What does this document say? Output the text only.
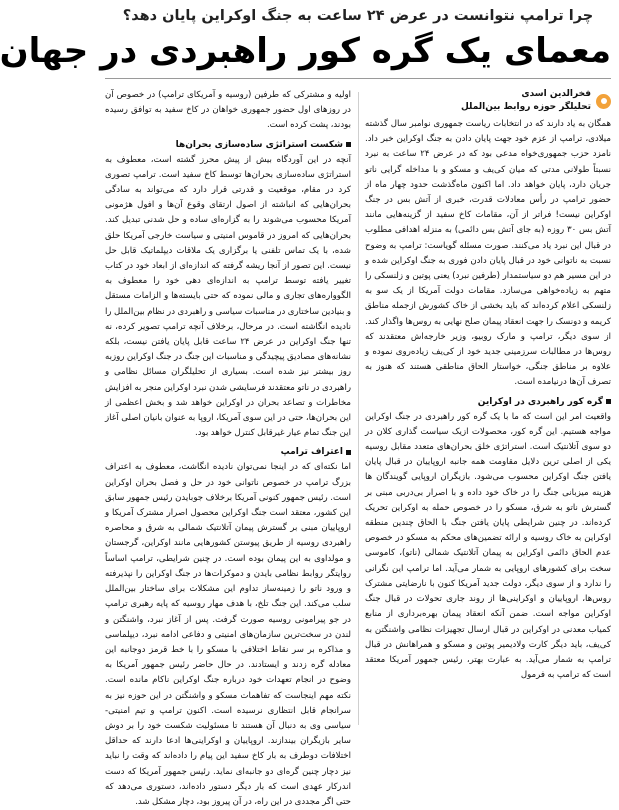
چرا ترامپ نتوانست در عرض ۲۴ ساعت به جنگ اوکراین پایان دهد؟
معمای یک گره کور راهبردی در جهان
فخرالدین اسدی
تحلیلگر حوزه روابط بین‌الملل

همگان به یاد دارند که در انتخابات ریاست جمهوری نوامبر سال گذشته میلادی، ترامپ از عزم خود جهت پایان دادن به جنگ اوکراین خبر داد. نامزد حزب جمهوری‌خواه مدعی بود که در عرض ۲۴ ساعت به نبرد نسبتاً طولانی مدتی که میان کی‌یف و مسکو و با مداخله گرایی ناتو جریان دارد، پایان خواهد داد. اما اکنون ماه‌گذشت حدود چهار ماه از حضور ترامپ در رأس معادلات قدرت، خبری از آتش بس در جنگ اوکراین نیست! فراتر از آن، مقامات کاخ سفید از گزینه‌هایی مانند آتش بس ۳۰ روزه (به جای آتش بس دائمی) به منزله اهدافی مطلوب در قبال این نبرد یاد می‌کنند. صورت مسئله گویاست: ترامپ به وضوح نسبت به ناتوانی خود در قبال پایان دادن فوری به جنگ اوکراین شده و در این مسیر هم دو سیاستمدار (طرفین نبرد) یعنی پوتین و زلنسکی را متهم به زیاده‌خواهی می‌سازد. مقامات دولت آمریکا از یک سو به زلنسکی اعلام کرده‌اند که باید بخشی از خاک کشورش ازجمله مناطق کریمه و دونسک را جهت انعقاد پیمان صلح نهایی به روس‌ها واگذار کند. از سوی دیگر، ترامپ و مارک روبیو، وزیر خارجه‌اش معتقدند که روس‌ها در مطالبات سرزمینی جدید خود از کی‌یف زیاده‌روی نموده و علاوه بر مناطق جنگی، خواستار الحاق مناطقی هستند که هنوز به تصرف آن‌ها درنیامده است.

گره کور راهبردی در اوکراین

واقعیت امر این است که ما با یک گره کور راهبردی در جنگ اوکراین مواجه هستیم. این گره کور، محصولات ازیک سیاست گذاری کلان در دو سوی آتلانتیک است. استراتژی خلق بحران‌های متعدد مقابل روسیه یکی از اصلی ترین دلایل مقاومت همه جانبه اروپاییان در قبال پایان یافتن جنگ اوکراین محسوب می‌شود. بازیگران اروپایی گویندگان ها هزینه میزبانی جنگ را در خاک خود داده و با اصرار بی‌دربی مبنی بر گسترش ناتو به شرق، مسکو را در خصوص حمله به اوکراین تحریک کرده‌اند. در چنین شرایطی پایان یافتن جنگ با الحاق چندین منطقه اوکراین به خاک روسیه و ارائه تضمین‌های محکم به مسکو در خصوص عدم الحاق دائمی اوکراین به پیمان آتلانتیک شمالی (ناتو)، کاموسی سخت برای کشورهای اروپایی به شمار می‌آید. اما ترامپ این نگرانی را ندارد و از سوی دیگر، دولت جدید آمریکا کنون با نارضایتی مشترک روس‌ها، اروپاییان و اوکراینی‌ها از روند جاری تحولات در قبال جنگ اوکراین مواجه است. ضمن آنکه انعقاد پیمان بهره‌برداری از منابع کمیاب معدنی در اوکراین در قبال ارسال تجهیزات نظامی واشنگتن به کی‌یف، باید دیگر کارت ولادیمیر پوتین و مسکو و همراهانش در قبال ترامپ به شمار می‌آید. به عبارت بهتر، رئیس جمهور آمریکا معتقد است که ترامپ به فرمول

اولیه و مشترکی که طرفین (روسیه و آمریکای ترامپ) در خصوص آن در روزهای اول حضور جمهوری خواهان در کاخ سفید به توافق رسیده بودند، پشت کرده است.

شکست استراتژی ساده‌سازی بحران‌ها

آنچه در این آوردگاه بیش از پیش محرز گشته است، معطوف به استراتژی ساده‌سازی بحران‌ها توسط کاخ سفید است. ترامپ تصوری کرد در مقام، موقعیت و قدرتی قرار دارد که می‌تواند به سادگی بحران‌هایی که انباشته از اصول ارتقای وقوع آن‌ها و افول هژمونی آمریکا محسوب می‌شوند را به گزاره‌ای ساده و حل شدنی تبدیل کند. بحران‌هایی که امروز در قاموس امنیتی و سیاست خارجی آمریکا حلق شده، با یک تماس تلفنی یا برگزاری یک ملاقات دیپلماتیک قابل حل نیست. این تصور از آنجا ریشه گرفته که اندازه‌ای از ابعاد خود در کتاب تغییر یافته توسط ترامپ به اندازه‌ای دهی خود را معطوف به الگوواره‌های تجاری و مالی نموده که حتی بایسته‌ها و الزامات مستقل و بنیادین ساختاری در مناسبات سیاسی و راهبردی در نظام بین‌الملل را نادیده انگاشته است. در مرحال، برخلاف آنچه ترامپ تصویر کرده، نه تنها جنگ اوکراین در عرض ۲۴ ساعت قابل پایان یافتن نیست، بلکه نشانه‌های مصادیق پیچیدگی و مناسبات این جنگ در جنگ اوکراین روزبه روز بیشتر نیز شده است. بسیاری از تحلیلگران مسائل نظامی و راهبردی در ناتو معتقدند فرسایشی شدن نبرد اوکراین منجر به افزایش مخاطرات و تصاعد بحران در اوکراین خواهد شد و بخش اعظمی از این بحران‌ها، حتی در این سوی آمریکا، اروپا به عنوان بانیان اصلی آغاز این جنگ تمام عیار غیرقابل کنترل خواهد بود.

اعتراف ترامپ

اما نکته‌ای که در اینجا نمی‌توان نادیده انگاشت، معطوف به اعتراف بزرگ ترامپ در خصوص ناتوانی خود در حل و فصل بحران اوکراین است. رئیس جمهور کنونی آمریکا برخلاف جوبایدن رئیس جمهور سابق این کشور، معتقد است جنگ اوکراین محصول اصرار مشترک آمریکا و اروپاییان مبنی بر گسترش پیمان آتلانتیک شمالی به شرق و محاصره راهبردی روسیه از طریق پیوستن کشورهایی مانند اوکراین، گرجستان و مولداوی به این پیمان بوده است. در چنین شرایطی، ترامپ اساساً روایتگر روابط نظامی بایدن و دموکرات‌ها در جنگ اوکراین را نپذیرفته و ورود ناتو را زمینه‌ساز تداوم این مشکلات برای ساختار بین‌الملل سلب می‌کند. این جنگ تلخ، با هدف مهار روسیه که پایه رهبری ترامپ در جو پیرامونی روسیه صورت گرفت. پس از آغاز نبرد، واشنگتن و لندن در سخت‌ترین سازمان‌های امنیتی و دفاعی ادامه نبرد، دیپلماسی و مذاکره بر سر نقاط اختلافی با مسکو را با خط قرمز دوجانبه این معادله گره زدند و ایستادند. در حال حاضر رئیس جمهور آمریکا به وضوح در انجام تعهدات خود درباره جنگ اوکراین ناکام مانده است. نکته مهم اینجاست که تفاهمات مسکو و واشنگتن در این حوزه نیز به سرانجام قابل انتظاری نرسیده است. اکنون ترامپ و تیم امنیتی-سیاسی وی به دنبال آن هستند تا مسئولیت شکست خود را بر دوش سایر بازیگران بیندازند. اروپاییان و اوکراینی‌ها ادعا دارند که حداقل اختلافات دوطرف به بار کاخ سفید این پیام را داده‌اند که وقت را نباید نیز دچار چنین گره‌ای دو جانبه‌ای نماید. رئیس جمهور آمریکا که دست اندرکار عهدی است که بار دیگر دستور داده‌اند، دستوری می‌دهد که حتی اگر مجددی در این راه، در آن پیروز بود، دچار مشکل شد.
